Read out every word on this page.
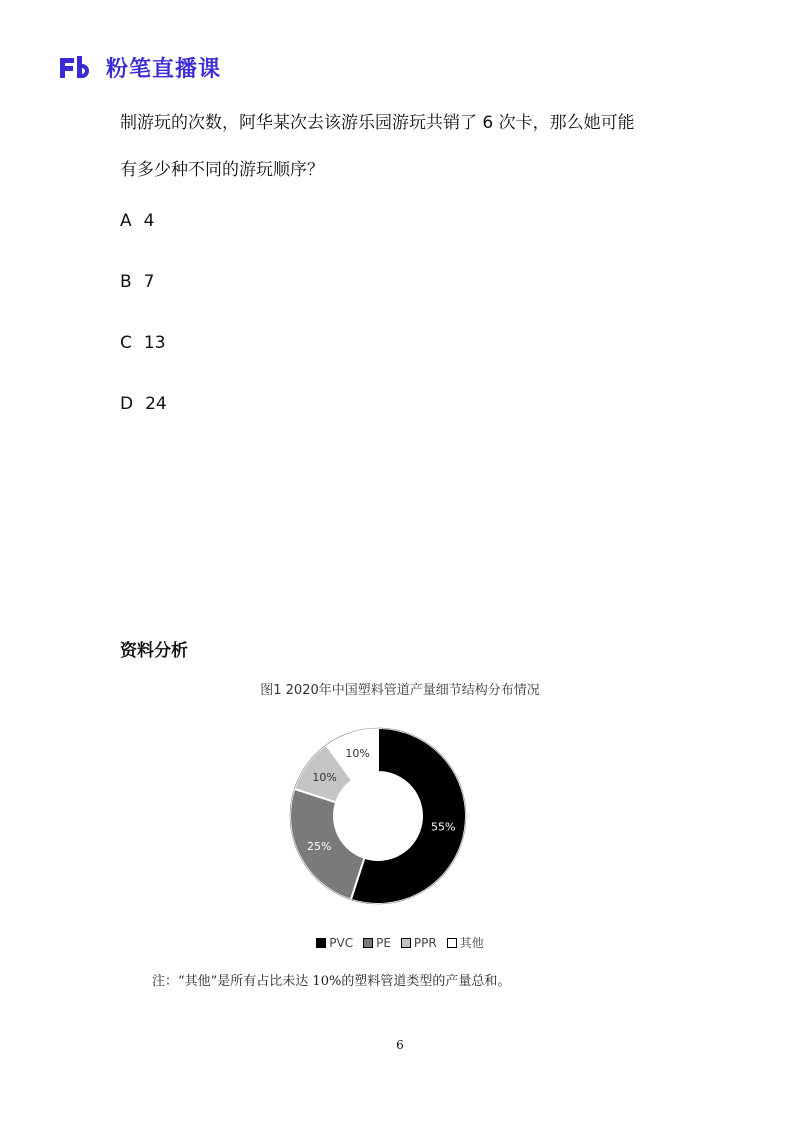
粉笔直播课
制游玩的次数，阿华某次去该游乐园游玩共销了 6 次卡，那么她可能
有多少种不同的游玩顺序？
A 4
B 7
C 13
D 24
资料分析
图1 2020年中国塑料管道产量细节结构分布情况
55%
25%
10%
10%
PVC PE PPR 其他
注：“其他”是所有占比未达 10%的塑料管道类型的产量总和。
6
